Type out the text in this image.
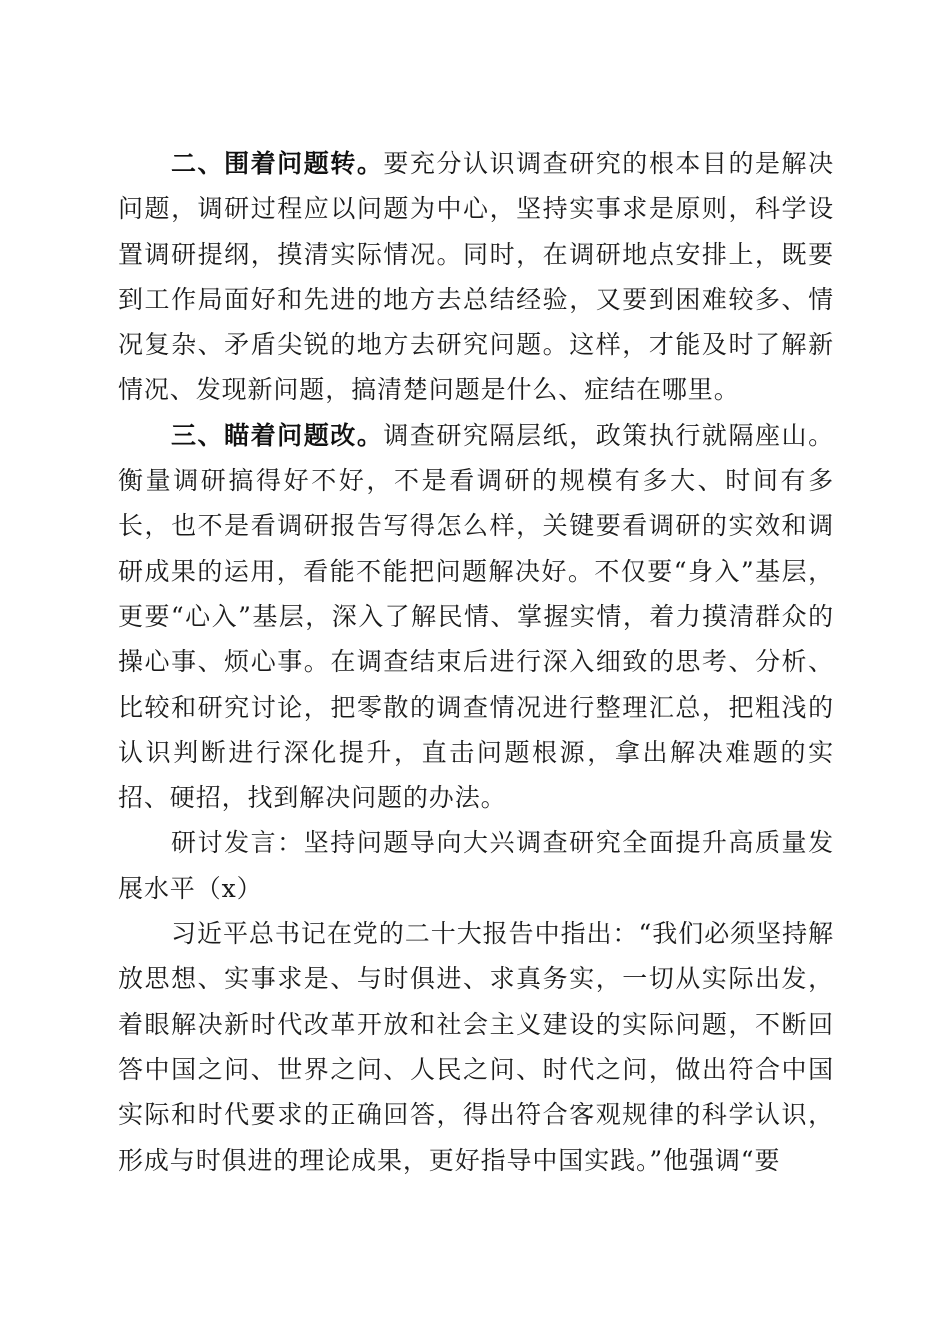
二、围着问题转。要充分认识调查研究的根本目的是解决问题，调研过程应以问题为中心，坚持实事求是原则，科学设置调研提纲，摸清实际情况。同时，在调研地点安排上，既要到工作局面好和先进的地方去总结经验，又要到困难较多、情况复杂、矛盾尖锐的地方去研究问题。这样，才能及时了解新情况、发现新问题，搞清楚问题是什么、症结在哪里。

三、瞄着问题改。调查研究隔层纸，政策执行就隔座山。衡量调研搞得好不好，不是看调研的规模有多大、时间有多长，也不是看调研报告写得怎么样，关键要看调研的实效和调研成果的运用，看能不能把问题解决好。不仅要“身入”基层，更要“心入”基层，深入了解民情、掌握实情，着力摸清群众的操心事、烦心事。在调查结束后进行深入细致的思考、分析、比较和研究讨论，把零散的调查情况进行整理汇总，把粗浅的认识判断进行深化提升，直击问题根源，拿出解决难题的实招、硬招，找到解决问题的办法。

研讨发言：坚持问题导向大兴调查研究全面提升高质量发展水平（x）

习近平总书记在党的二十大报告中指出：“我们必须坚持解放思想、实事求是、与时俱进、求真务实，一切从实际出发，着眼解决新时代改革开放和社会主义建设的实际问题，不断回答中国之问、世界之问、人民之问、时代之问，做出符合中国实际和时代要求的正确回答，得出符合客观规律的科学认识，形成与时俱进的理论成果，更好指导中国实践。”他强调“要
